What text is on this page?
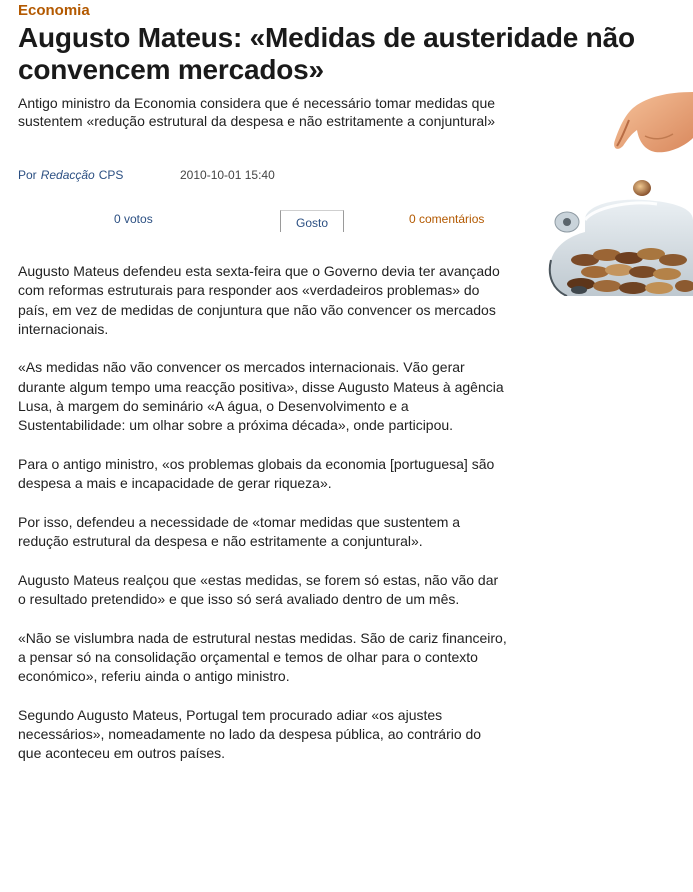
Economia
Augusto Mateus: «Medidas de austeridade não convencem mercados»

Antigo ministro da Economia considera que é necessário tomar medidas que sustentem «redução estrutural da despesa e não estritamente a conjuntural»

Por Redacção CPS	2010-10-01 15:40
0 votos	Gosto	0 comentários

Augusto Mateus defendeu esta sexta-feira que o Governo devia ter avançado com reformas estruturais para responder aos «verdadeiros problemas» do país, em vez de medidas de conjuntura que não vão convencer os mercados internacionais.

«As medidas não vão convencer os mercados internacionais. Vão gerar durante algum tempo uma reacção positiva», disse Augusto Mateus à agência Lusa, à margem do seminário «A água, o Desenvolvimento e a Sustentabilidade: um olhar sobre a próxima década», onde participou.

Para o antigo ministro, «os problemas globais da economia [portuguesa] são despesa a mais e incapacidade de gerar riqueza».

Por isso, defendeu a necessidade de «tomar medidas que sustentem a redução estrutural da despesa e não estritamente a conjuntural».

Augusto Mateus realçou que «estas medidas, se forem só estas, não vão dar o resultado pretendido» e que isso só será avaliado dentro de um mês.

«Não se vislumbra nada de estrutural nestas medidas. São de cariz financeiro, a pensar só na consolidação orçamental e temos de olhar para o contexto económico», referiu ainda o antigo ministro.

Segundo Augusto Mateus, Portugal tem procurado adiar «os ajustes necessários», nomeadamente no lado da despesa pública, ao contrário do que aconteceu em outros países.
